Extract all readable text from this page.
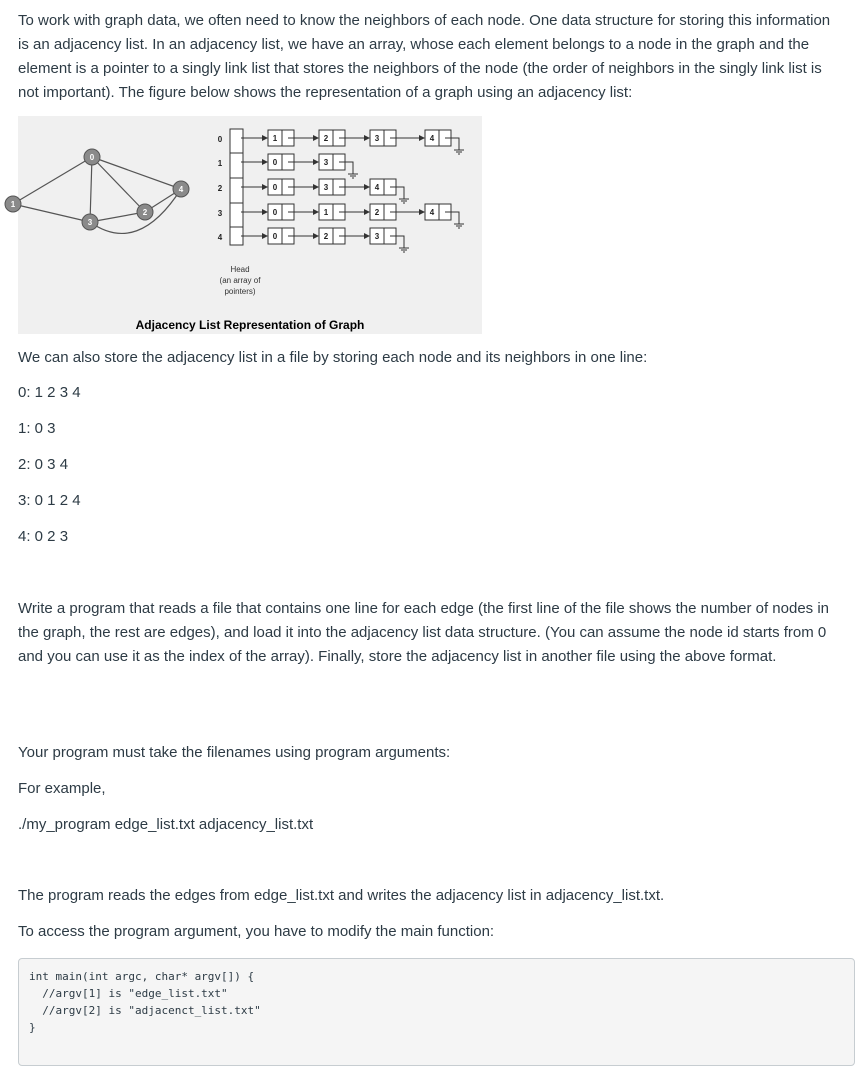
To work with graph data, we often need to know the neighbors of each node. One data structure for storing this information is an adjacency list. In an adjacency list, we have an array, whose each element belongs to a node in the graph and the element is a pointer to a singly link list that stores the neighbors of the node (the order of neighbors in the singly link list is not important). The figure below shows the representation of a graph using an adjacency list:

0
1
2
3
4
0
1
2
3
4
Head
(an array of
pointers)
1	2	3	4
0	3
0	3	4
0	1	2	4
0	2	3
Adjacency List Representation of Graph

We can also store the adjacency list in a file by storing each node and its neighbors in one line:

0: 1 2 3 4

1: 0 3

2: 0 3 4

3: 0 1 2 4

4: 0 2 3

Write a program that reads a file that contains one line for each edge (the first line of the file shows the number of nodes in the graph, the rest are edges), and load it into the adjacency list data structure. (You can assume the node id starts from 0 and you can use it as the index of the array). Finally, store the adjacency list in another file using the above format.

Your program must take the filenames using program arguments:

For example,

./my_program edge_list.txt adjacency_list.txt

The program reads the edges from edge_list.txt and writes the adjacency list in adjacency_list.txt.

To access the program argument, you have to modify the main function:

int main(int argc, char* argv[]) {
//argv[1] is "edge_list.txt"
//argv[2] is "adjacenct_list.txt"
}
